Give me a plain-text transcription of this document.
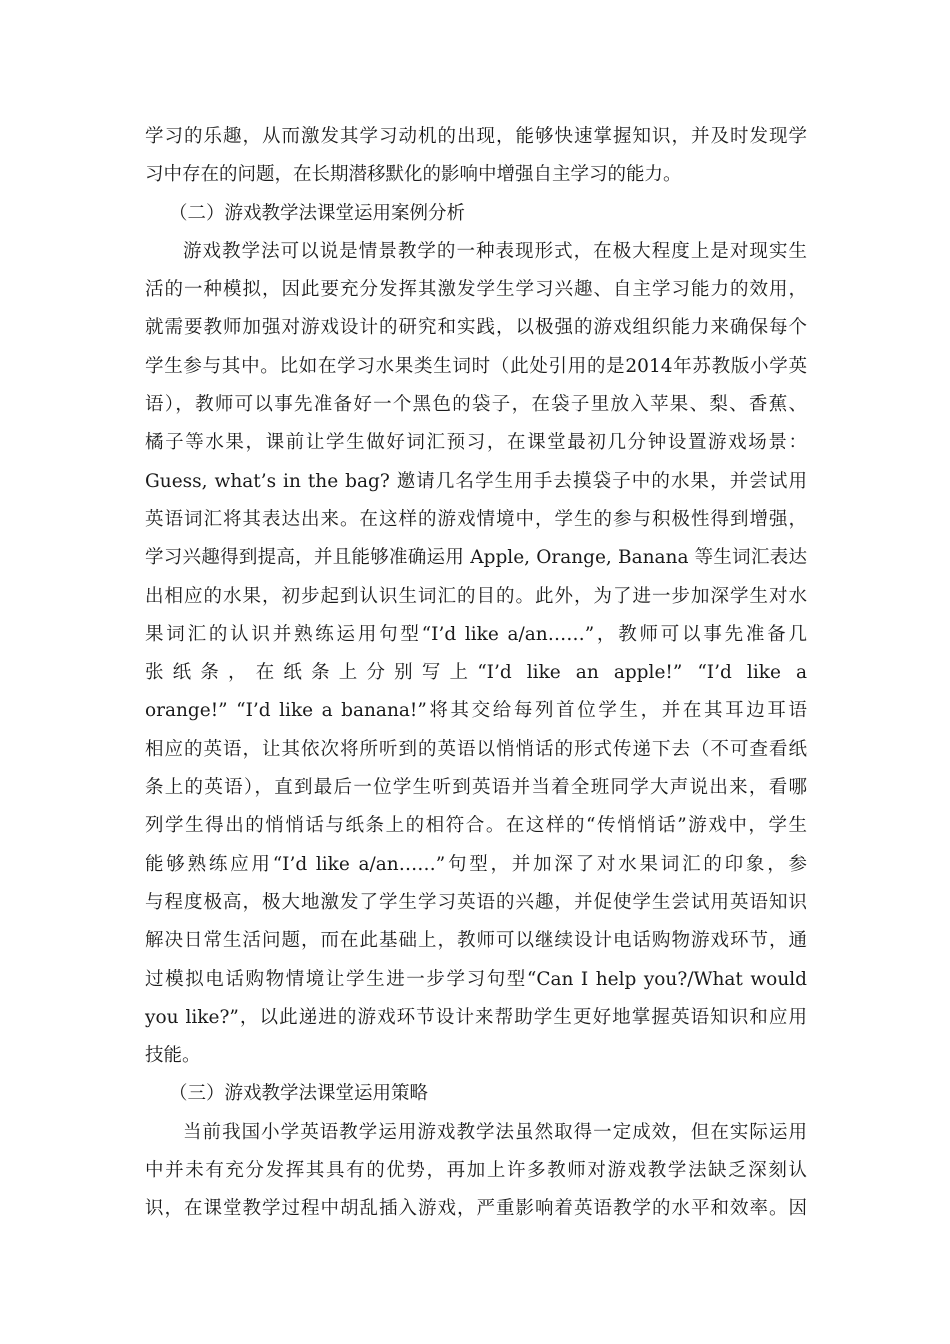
学习的乐趣，从而激发其学习动机的出现，能够快速掌握知识，并及时发现学
习中存在的问题，在长期潜移默化的影响中增强自主学习的能力。
（二）游戏教学法课堂运用案例分析
游戏教学法可以说是情景教学的一种表现形式，在极大程度上是对现实生
活的一种模拟，因此要充分发挥其激发学生学习兴趣、自主学习能力的效用，
就需要教师加强对游戏设计的研究和实践，以极强的游戏组织能力来确保每个
学生参与其中。比如在学习水果类生词时（此处引用的是2014年苏教版小学英
语），教师可以事先准备好一个黑色的袋子，在袋子里放入苹果、梨、香蕉、
橘子等水果，课前让学生做好词汇预习，在课堂最初几分钟设置游戏场景：
Guess, what’s in the bag? 邀请几名学生用手去摸袋子中的水果，并尝试用
英语词汇将其表达出来。在这样的游戏情境中，学生的参与积极性得到增强，
学习兴趣得到提高，并且能够准确运用 Apple, Orange, Banana 等生词汇表达
出相应的水果，初步起到认识生词汇的目的。此外，为了进一步加深学生对水
果词汇的认识并熟练运用句型“I’d like a/an……”，教师可以事先准备几
张纸条，在纸条上分别写上“I’d like an apple!” “I’d like a
orange!” “I’d like a banana!”将其交给每列首位学生，并在其耳边耳语
相应的英语，让其依次将所听到的英语以悄悄话的形式传递下去（不可查看纸
条上的英语），直到最后一位学生听到英语并当着全班同学大声说出来，看哪
列学生得出的悄悄话与纸条上的相符合。在这样的“传悄悄话”游戏中，学生
能够熟练应用“I’d like a/an……”句型，并加深了对水果词汇的印象，参
与程度极高，极大地激发了学生学习英语的兴趣，并促使学生尝试用英语知识
解决日常生活问题，而在此基础上，教师可以继续设计电话购物游戏环节，通
过模拟电话购物情境让学生进一步学习句型“Can I help you?/What would
you like?”，以此递进的游戏环节设计来帮助学生更好地掌握英语知识和应用
技能。
（三）游戏教学法课堂运用策略
当前我国小学英语教学运用游戏教学法虽然取得一定成效，但在实际运用
中并未有充分发挥其具有的优势，再加上许多教师对游戏教学法缺乏深刻认
识，在课堂教学过程中胡乱插入游戏，严重影响着英语教学的水平和效率。因
